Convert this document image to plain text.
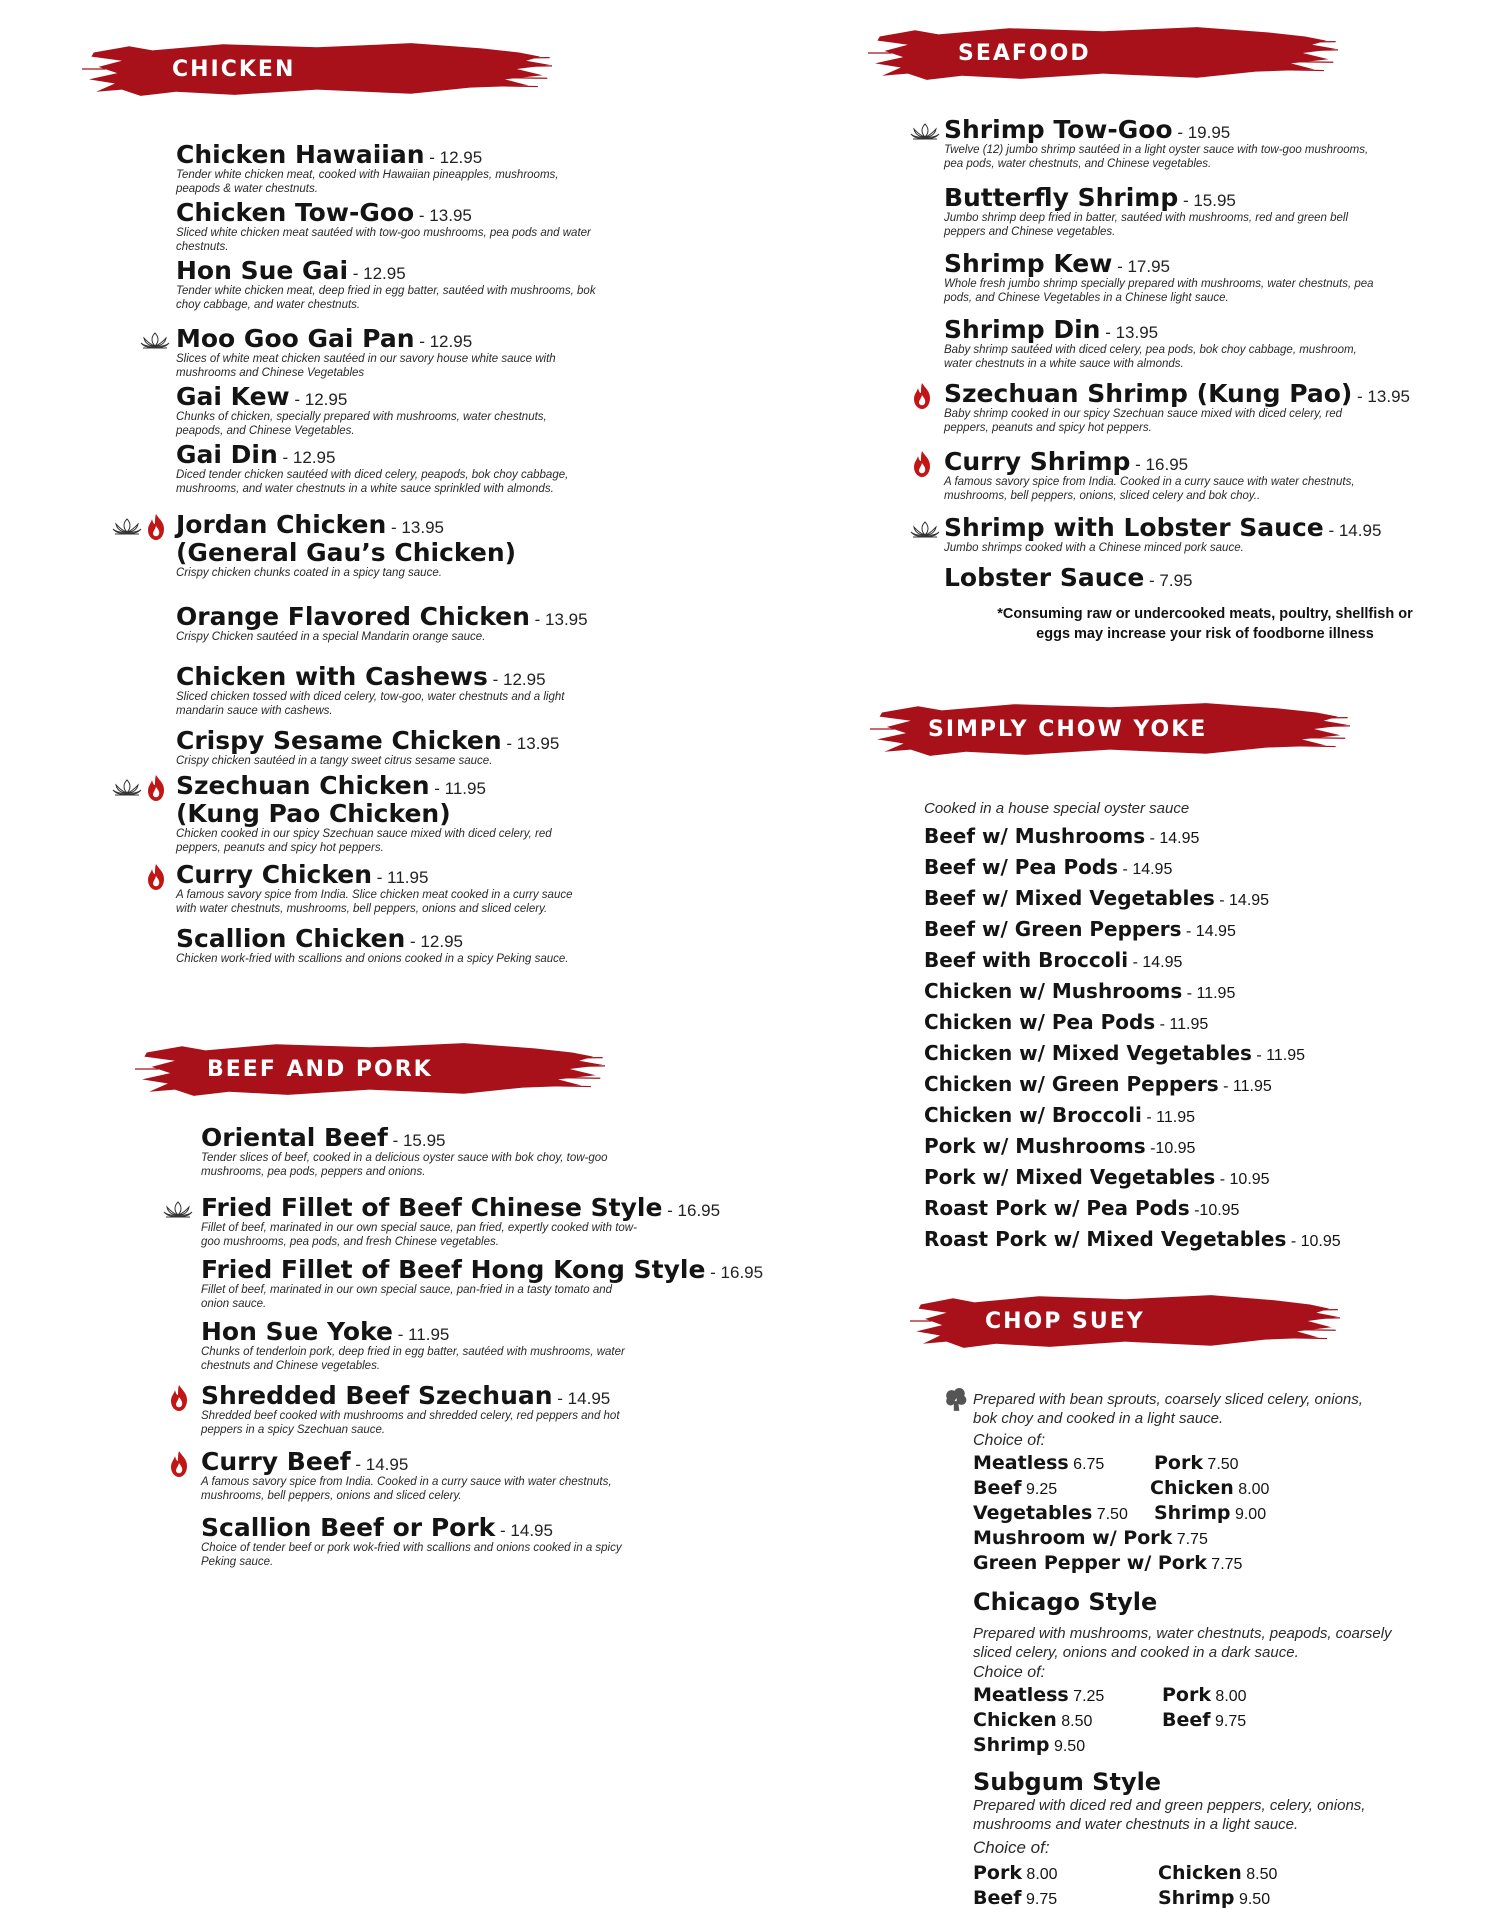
CHICKEN
Chicken Hawaiian - 12.95
Tender white chicken meat, cooked with Hawaiian pineapples, mushrooms, peapods & water chestnuts.
Chicken Tow-Goo - 13.95
Sliced white chicken meat sautéed with tow-goo mushrooms, pea pods and water chestnuts.
Hon Sue Gai - 12.95
Tender white chicken meat, deep fried in egg batter, sautéed with mushrooms, bok choy cabbage, and water chestnuts.
Moo Goo Gai Pan - 12.95
Slices of white meat chicken sautéed in our savory house white sauce with mushrooms and Chinese Vegetables
Gai Kew - 12.95
Chunks of chicken, specially prepared with mushrooms, water chestnuts, peapods, and Chinese Vegetables.
Gai Din - 12.95
Diced tender chicken sautéed with diced celery, peapods, bok choy cabbage, mushrooms, and water chestnuts in a white sauce sprinkled with almonds.
Jordan Chicken - 13.95
(General Gau’s Chicken)
Crispy chicken chunks coated in a spicy tang sauce.
Orange Flavored Chicken - 13.95
Crispy Chicken sautéed in a special Mandarin orange sauce.
Chicken with Cashews - 12.95
Sliced chicken tossed with diced celery, tow-goo, water chestnuts and a light mandarin sauce with cashews.
Crispy Sesame Chicken - 13.95
Crispy chicken sautéed in a tangy sweet citrus sesame sauce.
Szechuan Chicken - 11.95
(Kung Pao Chicken)
Chicken cooked in our spicy Szechuan sauce mixed with diced celery, red peppers, peanuts and spicy hot peppers.
Curry Chicken - 11.95
A famous savory spice from India. Slice chicken meat cooked in a curry sauce with water chestnuts, mushrooms, bell peppers, onions and sliced celery.
Scallion Chicken - 12.95
Chicken work-fried with scallions and onions cooked in a spicy Peking sauce.
BEEF AND PORK
Oriental Beef - 15.95
Tender slices of beef, cooked in a delicious oyster sauce with bok choy, tow-goo mushrooms, pea pods, peppers and onions.
Fried Fillet of Beef Chinese Style - 16.95
Fillet of beef, marinated in our own special sauce, pan fried, expertly cooked with tow-goo mushrooms, pea pods, and fresh Chinese vegetables.
Fried Fillet of Beef Hong Kong Style - 16.95
Fillet of beef, marinated in our own special sauce, pan-fried in a tasty tomato and onion sauce.
Hon Sue Yoke - 11.95
Chunks of tenderloin pork, deep fried in egg batter, sautéed with mushrooms, water chestnuts and Chinese vegetables.
Shredded Beef Szechuan - 14.95
Shredded beef cooked with mushrooms and shredded celery, red peppers and hot peppers in a spicy Szechuan sauce.
Curry Beef - 14.95
A famous savory spice from India. Cooked in a curry sauce with water chestnuts, mushrooms, bell peppers, onions and sliced celery.
Scallion Beef or Pork - 14.95
Choice of tender beef or pork wok-fried with scallions and onions cooked in a spicy Peking sauce.
SEAFOOD
Shrimp Tow-Goo - 19.95
Twelve (12) jumbo shrimp sautéed in a light oyster sauce with tow-goo mushrooms, pea pods, water chestnuts, and Chinese vegetables.
Butterfly Shrimp - 15.95
Jumbo shrimp deep fried in batter, sautéed with mushrooms, red and green bell peppers and Chinese vegetables.
Shrimp Kew - 17.95
Whole fresh jumbo shrimp specially prepared with mushrooms, water chestnuts, pea pods, and Chinese Vegetables in a Chinese light sauce.
Shrimp Din - 13.95
Baby shrimp sautéed with diced celery, pea pods, bok choy cabbage, mushroom, water chestnuts in a white sauce with almonds.
Szechuan Shrimp (Kung Pao) - 13.95
Baby shrimp cooked in our spicy Szechuan sauce mixed with diced celery, red peppers, peanuts and spicy hot peppers.
Curry Shrimp - 16.95
A famous savory spice from India. Cooked in a curry sauce with water chestnuts, mushrooms, bell peppers, onions, sliced celery and bok choy..
Shrimp with Lobster Sauce - 14.95
Jumbo shrimps cooked with a Chinese minced pork sauce.
Lobster Sauce - 7.95
*Consuming raw or undercooked meats, poultry, shellfish or eggs may increase your risk of foodborne illness
SIMPLY CHOW YOKE
Cooked in a house special oyster sauce
Beef w/ Mushrooms - 14.95
Beef w/ Pea Pods - 14.95
Beef w/ Mixed Vegetables - 14.95
Beef w/ Green Peppers - 14.95
Beef with Broccoli - 14.95
Chicken w/ Mushrooms - 11.95
Chicken w/ Pea Pods - 11.95
Chicken w/ Mixed Vegetables - 11.95
Chicken w/ Green Peppers - 11.95
Chicken w/ Broccoli - 11.95
Pork w/ Mushrooms -10.95
Pork w/ Mixed Vegetables - 10.95
Roast Pork w/ Pea Pods -10.95
Roast Pork w/ Mixed Vegetables - 10.95
CHOP SUEY
Prepared with bean sprouts, coarsely sliced celery, onions, bok choy and cooked in a light sauce.
Choice of:
Meatless 6.75	Pork 7.50
Beef 9.25	Chicken 8.00
Vegetables 7.50 Shrimp 9.00
Mushroom w/ Pork 7.75
Green Pepper w/ Pork 7.75
Chicago Style
Prepared with mushrooms, water chestnuts, peapods, coarsely sliced celery, onions and cooked in a dark sauce.
Choice of:
Meatless 7.25	Pork 8.00
Chicken 8.50	Beef 9.75
Shrimp 9.50
Subgum Style
Prepared with diced red and green peppers, celery, onions, mushrooms and water chestnuts in a light sauce.
Choice of:
Pork 8.00	Chicken 8.50
Beef 9.75	Shrimp 9.50
